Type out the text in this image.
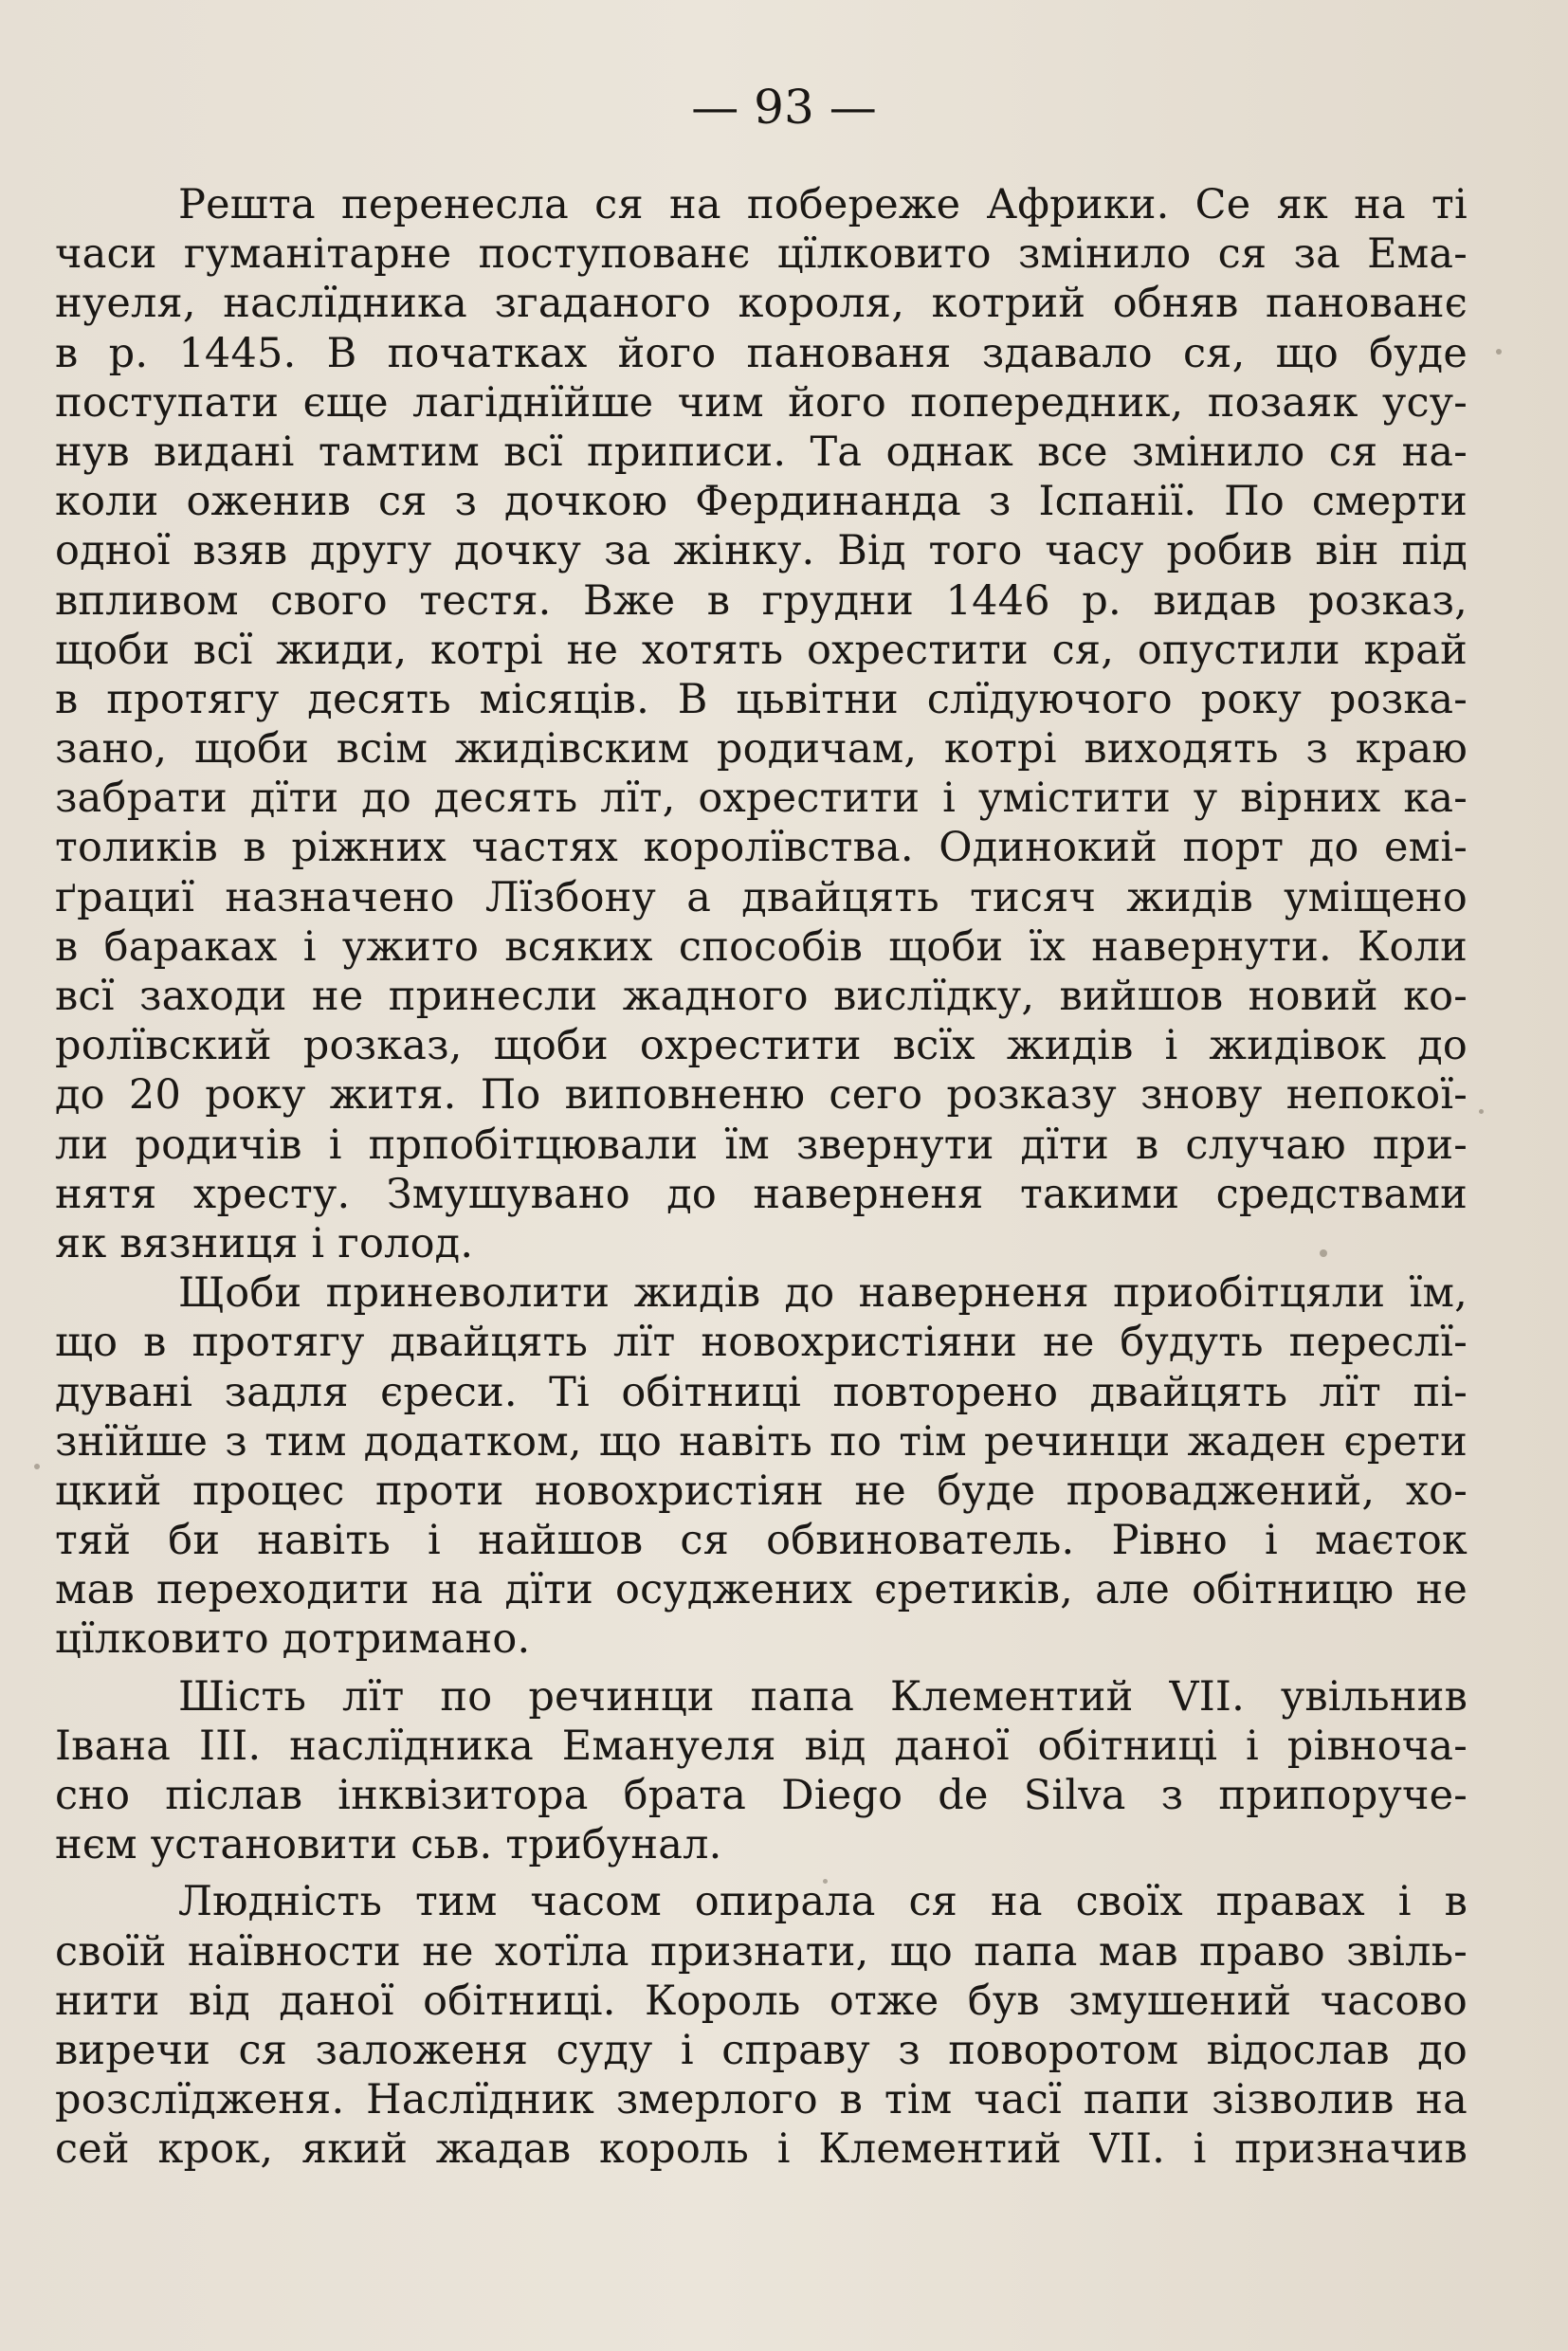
— 93 —
Решта перенесла ся на побереже Африки. Се як на ті
часи гуманітарне поступованє цїлковито змінило ся за Ема-
нуеля, наслїдника згаданого короля, котрий обняв панованє
в р. 1445. В початках його панованя здавало ся, що буде
поступати єще лагіднїйше чим його попередник, позаяк усу-
нув видані тамтим всї приписи. Та однак все змінило ся на-
коли оженив ся з дочкою Фердинанда з Іспанії. По смерти
одної взяв другу дочку за жінку. Від того часу робив він під
впливом свого тестя. Вже в грудни 1446 р. видав розказ,
щоби всї жиди, котрі не хотять охрестити ся, опустили край
в протягу десять місяців. В цьвітни слїдуючого року розка-
зано, щоби всім жидівским родичам, котрі виходять з краю
забрати дїти до десять лїт, охрестити і умістити у вірних ка-
толиків в ріжних частях королївства. Одинокий порт до емі-
ґрациї назначено Лїзбону а двайцять тисяч жидів уміщено
в бараках і ужито всяких способів щоби їх навернути. Коли
всї заходи не принесли жадного вислїдку, вийшов новий ко-
ролївский розказ, щоби охрестити всїх жидів і жидівок до
до 20 року житя. По виповненю сего розказу знову непокої-
ли родичів і прпобітцювали їм звернути дїти в случаю при-
нятя хресту. Змушувано до наверненя такими средствами
як вязниця і голод.
Щоби приневолити жидів до наверненя приобітцяли їм,
що в протягу двайцять лїт новохристіяни не будуть переслї-
дувані задля єреси. Ті обітниці повторено двайцять лїт пі-
знїйше з тим додатком, що навіть по тім речинци жаден єрети
цкий процес проти новохристіян не буде проваджений, хо-
тяй би навіть і найшов ся обвинователь. Рівно і маєток
мав переходити на дїти осуджених єретиків, але обітницю не
цїлковито дотримано.
Шість лїт по речинци папа Клементий VII. увільнив
Івана III. наслїдника Емануеля від даної обітниці і рівноча-
сно післав інквізитора брата Diego de Silva з припоруче-
нєм установити сьв. трибунал.
Людність тим часом опирала ся на своїх правах і в
своїй наївности не хотїла признати, що папа мав право звіль-
нити від даної обітниці. Король отже був змушений часово
виречи ся заложеня суду і справу з поворотом відослав до
розслїдженя. Наслїдник змерлого в тім часї папи зізволив на
сей крок, який жадав король і Клементий VII. і призначив
